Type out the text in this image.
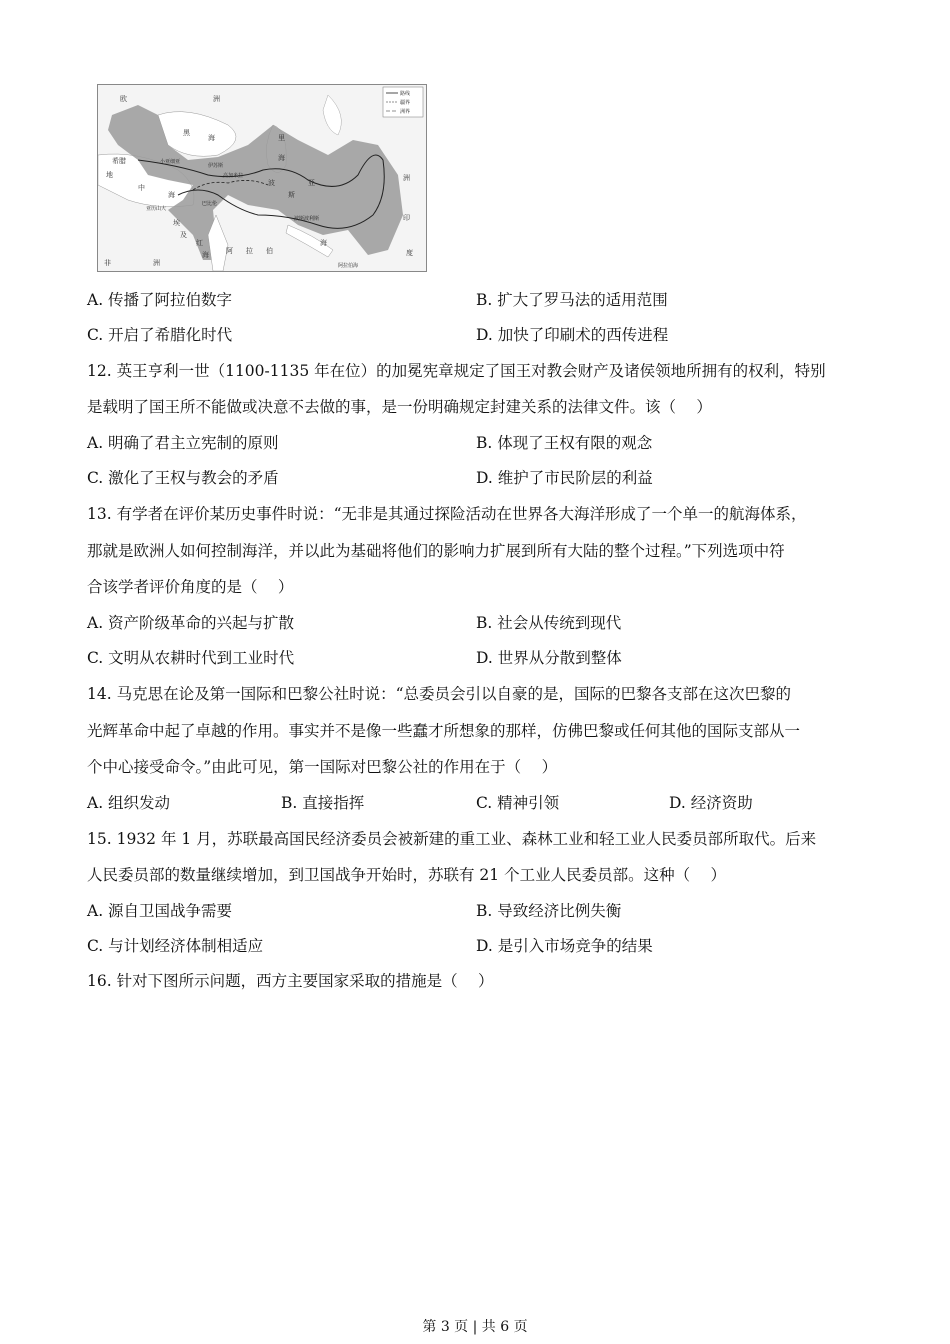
路线
疆界
洲界
欧	洲
黑
海	里
海
希腊	小亚细亚
地
中
海
高加米拉
伊苏斯
波
斯
亚
洲
巴比伦
亚历山大
波斯波利斯
埃
及
红
海 阿 拉 伯
非	洲
印
度
阿拉伯海
海
A. 传播了阿拉伯数字	B. 扩大了罗马法的适用范围
C. 开启了希腊化时代	D. 加快了印刷术的西传进程
12. 英王亨利一世（1100-1135 年在位）的加冕宪章规定了国王对教会财产及诸侯领地所拥有的权利，特别
是载明了国王所不能做或决意不去做的事，是一份明确规定封建关系的法律文件。该（　 ）
A. 明确了君主立宪制的原则	B. 体现了王权有限的观念
C. 激化了王权与教会的矛盾	D. 维护了市民阶层的利益
13. 有学者在评价某历史事件时说：“无非是其通过探险活动在世界各大海洋形成了一个单一的航海体系，
那就是欧洲人如何控制海洋，并以此为基础将他们的影响力扩展到所有大陆的整个过程。”下列选项中符
合该学者评价角度的是（　 ）
A. 资产阶级革命的兴起与扩散	B. 社会从传统到现代
C. 文明从农耕时代到工业时代	D. 世界从分散到整体
14. 马克思在论及第一国际和巴黎公社时说：“总委员会引以自豪的是，国际的巴黎各支部在这次巴黎的
光辉革命中起了卓越的作用。事实并不是像一些蠢才所想象的那样，仿佛巴黎或任何其他的国际支部从一
个中心接受命令。”由此可见，第一国际对巴黎公社的作用在于（　 ）
A. 组织发动	B. 直接指挥	C. 精神引领	D. 经济资助
15. 1932 年 1 月，苏联最高国民经济委员会被新建的重工业、森林工业和轻工业人民委员部所取代。后来
人民委员部的数量继续增加，到卫国战争开始时，苏联有 21 个工业人民委员部。这种（　 ）
A. 源自卫国战争需要	B. 导致经济比例失衡
C. 与计划经济体制相适应	D. 是引入市场竞争的结果
16. 针对下图所示问题，西方主要国家采取的措施是（　 ）
第 3 页 | 共 6 页
